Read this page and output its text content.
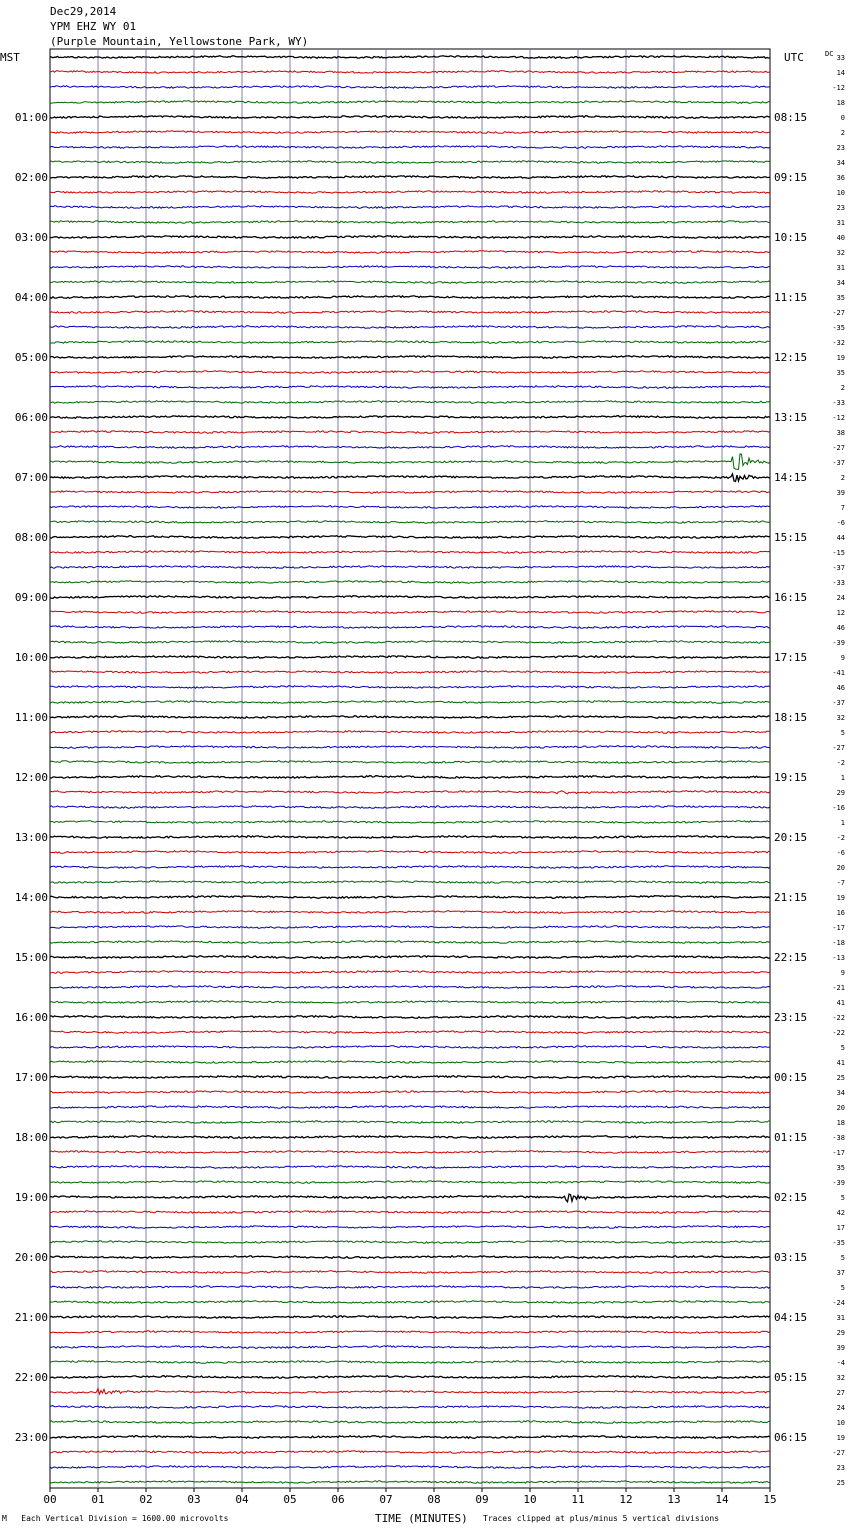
Dec29,2014
YPM EHZ WY 01
(Purple Mountain, Yellowstone Park, WY)
MST	UTC
01:00
02:00
03:00
04:00
05:00
06:00
07:00
08:00
09:00
10:00
11:00
12:00
13:00
14:00
15:00
16:00
17:00
18:00
19:00
20:00
21:00
22:00
23:00
08:15
09:15
10:15
11:15
12:15
13:15
14:15
15:15
16:15
17:15
18:15
19:15
20:15
21:15
22:15
23:15
00:15
01:15
02:15
03:15
04:15
05:15
06:15
DC 33
14
-12
18
0
2
23
34
36
10
23
31
40
32
31
34
35
-27
-35
-32
19
35
2
-33
-12
38
-27
-37
2
39
7
-6
44
-15
-37
-33
24
12
46
-39
9
-41
46
-37
32
5
-27
-2
1
29
-16
1
-2
-6
20
-7
19
16
-17
-18
-13
9
-21
41
-22
-22
5
41
25
34
20
18
-38
-17
35
-39
5
42
17
-35
5
37
5
-24
31
29
39
-4
32
27
24
10
19
-27
23
25
00	01	02	03	04	05	06	07	08	09	10	11	12	13	14	15
M Each Vertical Division = 1600.00 microvolts	TIME (MINUTES) Traces clipped at plus/minus 5 vertical divisions
